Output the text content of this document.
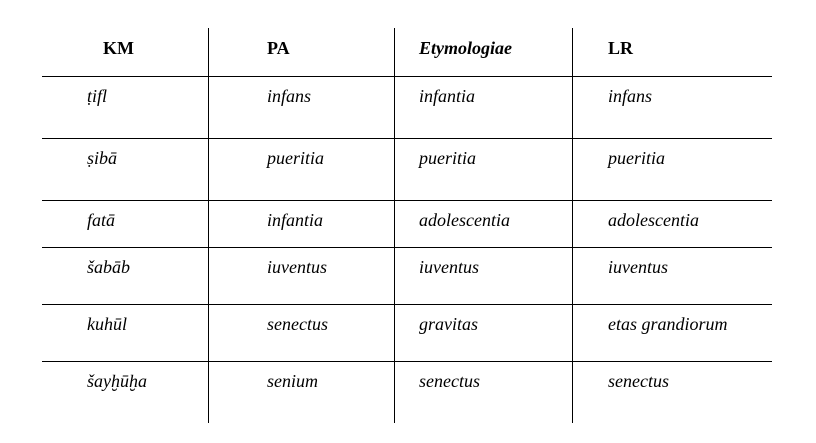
KM	PA	Etymologiae	LR
ṭifl	infans	infantia	infans
ṣibā	pueritia	pueritia	pueritia
fatā	infantia	adolescentia	adolescentia
šabāb	iuventus	iuventus	iuventus
kuhūl	senectus	gravitas	etas grandiorum
šayḫūḫa	senium	senectus	senectus
